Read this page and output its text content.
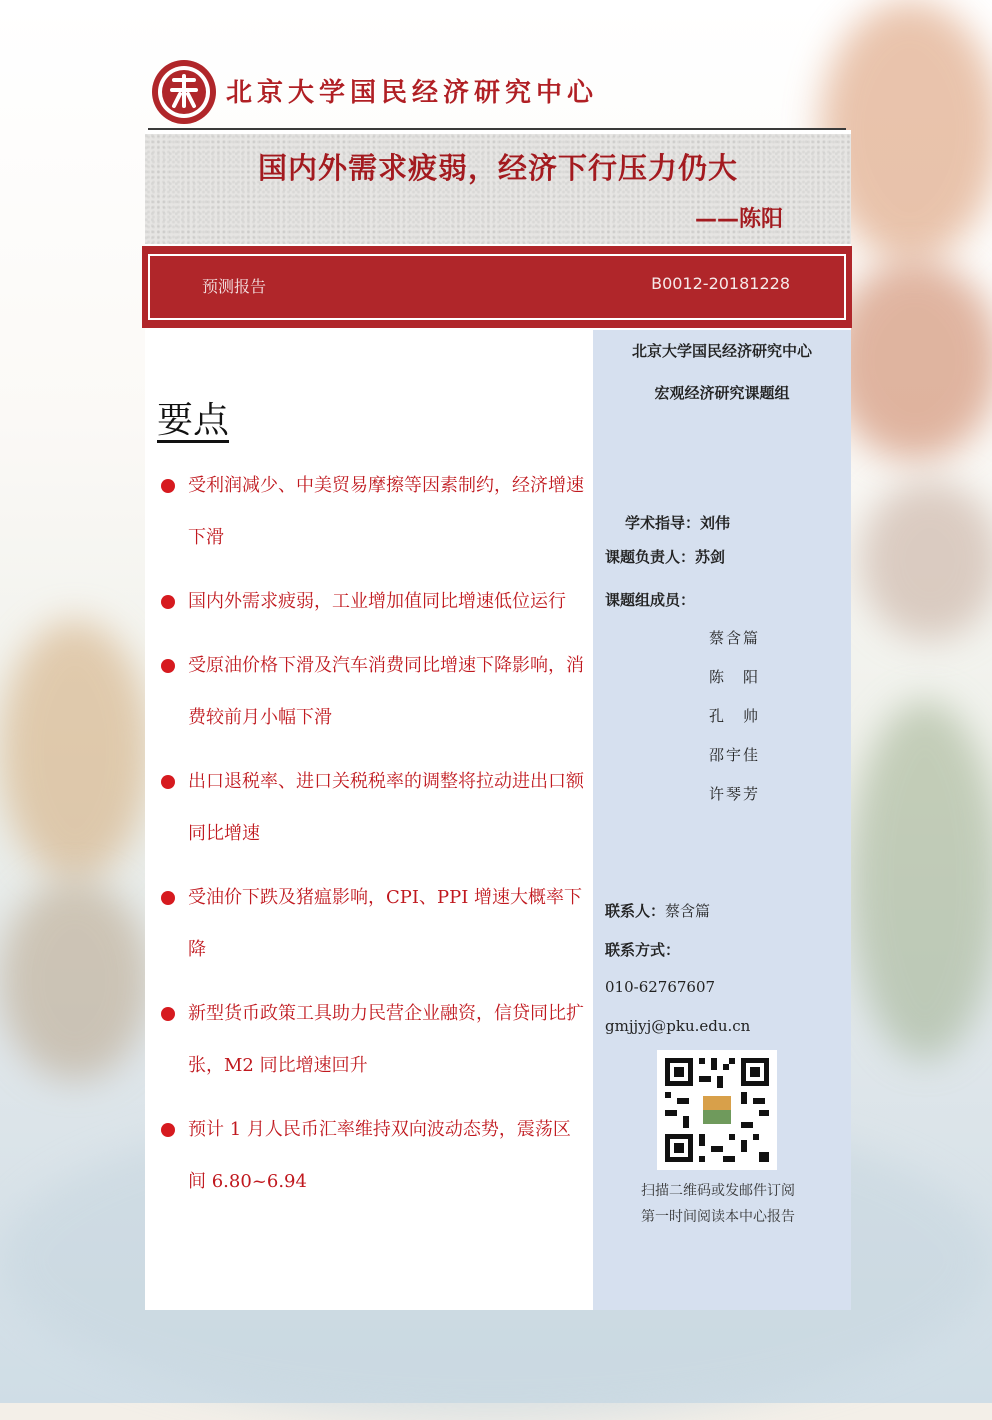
北京大学国民经济研究中心
国内外需求疲弱，经济下行压力仍大
——陈阳
预测报告	B0012-20181228
要点
受利润减少、中美贸易摩擦等因素制约，经济增速下滑
国内外需求疲弱，工业增加值同比增速低位运行
受原油价格下滑及汽车消费同比增速下降影响，消费较前月小幅下滑
出口退税率、进口关税税率的调整将拉动进出口额同比增速
受油价下跌及猪瘟影响，CPI、PPI 增速大概率下降
新型货币政策工具助力民营企业融资，信贷同比扩张，M2 同比增速回升
预计 1 月人民币汇率维持双向波动态势，震荡区间 6.80~6.94
北京大学国民经济研究中心
宏观经济研究课题组
学术指导：刘伟
课题负责人：苏剑
课题组成员：
蔡含篇
陈　阳
孔　帅
邵宇佳
许琴芳
联系人：蔡含篇
联系方式：
010-62767607
gmjjyj@pku.edu.cn
扫描二维码或发邮件订阅
第一时间阅读本中心报告
